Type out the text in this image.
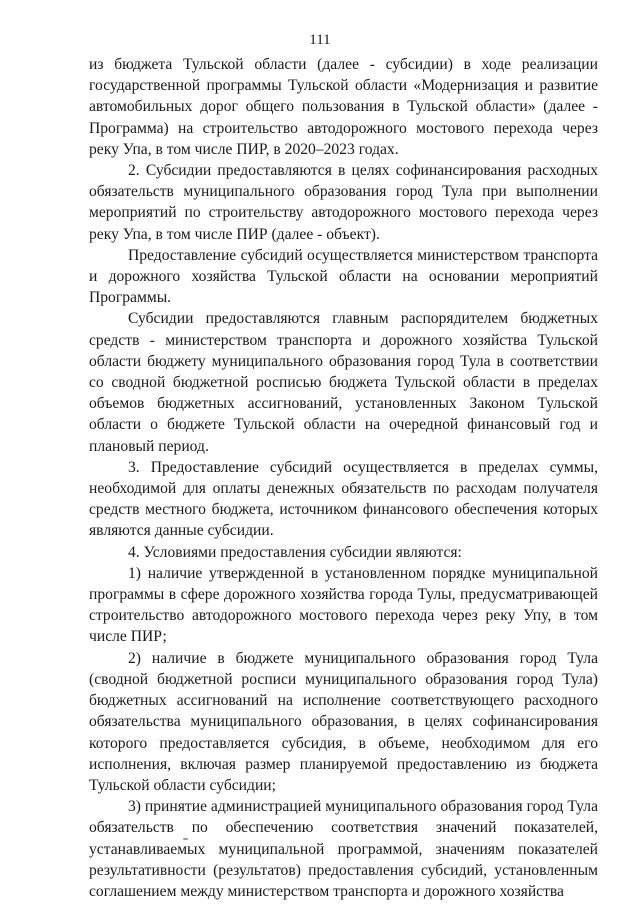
111

из бюджета Тульской области (далее - субсидии) в ходе реализации государственной программы Тульской области «Модернизация и развитие автомобильных дорог общего пользования в Тульской области» (далее - Программа) на строительство автодорожного мостового перехода через реку Упа, в том числе ПИР, в 2020–2023 годах.

2. Субсидии предоставляются в целях софинансирования расходных обязательств муниципального образования город Тула при выполнении мероприятий по строительству автодорожного мостового перехода через реку Упа, в том числе ПИР (далее - объект).

Предоставление субсидий осуществляется министерством транспорта и дорожного хозяйства Тульской области на основании мероприятий Программы.

Субсидии предоставляются главным распорядителем бюджетных средств - министерством транспорта и дорожного хозяйства Тульской области бюджету муниципального образования город Тула в соответствии со сводной бюджетной росписью бюджета Тульской области в пределах объемов бюджетных ассигнований, установленных Законом Тульской области о бюджете Тульской области на очередной финансовый год и плановый период.

3. Предоставление субсидий осуществляется в пределах суммы, необходимой для оплаты денежных обязательств по расходам получателя средств местного бюджета, источником финансового обеспечения которых являются данные субсидии.

4. Условиями предоставления субсидии являются:

1) наличие утвержденной в установленном порядке муниципальной программы в сфере дорожного хозяйства города Тулы, предусматривающей строительство автодорожного мостового перехода через реку Упу, в том числе ПИР;

2) наличие в бюджете муниципального образования город Тула (сводной бюджетной росписи муниципального образования город Тула) бюджетных ассигнований на исполнение соответствующего расходного обязательства муниципального образования, в целях софинансирования которого предоставляется субсидия, в объеме, необходимом для его исполнения, включая размер планируемой предоставлению из бюджета Тульской области субсидии;

3) принятие администрацией муниципального образования город Тула обязательств по обеспечению соответствия значений показателей, устанавливаемых муниципальной программой, значениям показателей результативности (результатов) предоставления субсидий, установленным соглашением между министерством транспорта и дорожного хозяйства
